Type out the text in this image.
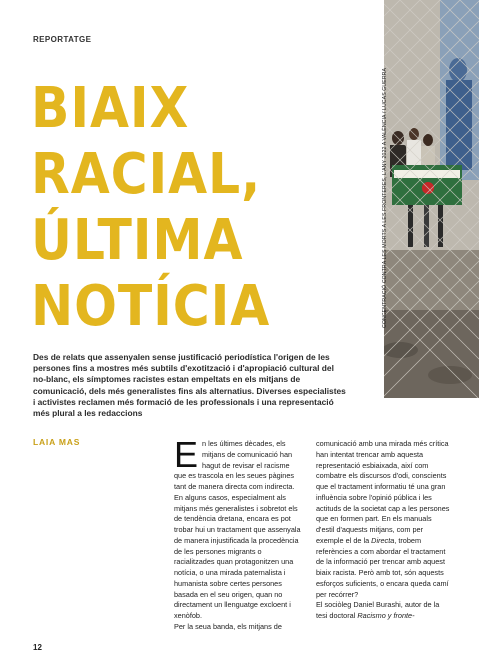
REPORTATGE
BIAIX
RACIAL,
ÚLTIMA
NOTÍCIA	CONCENTRACIÓ CONTRA LES MORTS A LES FRONTERES, L'ANY 2022 A VALÈNCIA / LUCAS GUERRA

Des de relats que assenyalen sense justificació periodística l'origen de les persones fins a mostres més subtils d'exotització i d'apropiació cultural del no-blanc, els símptomes racistes estan empeltats en els mitjans de comunicació, dels més generalistes fins als alternatius. Diverses especialistes i activistes reclamen més formació de les professionals i una representació més plural a les redaccions

LAIA MAS	En les últimes dècades, els mitjans de comunicació han hagut de revisar el racisme que es trascola en les seues pàgines tant de manera directa com indirecta. En alguns casos, especialment als mitjans més generalistes i sobretot els de tendència dretana, encara es pot trobar hui un tractament que assenyala de manera injustificada la procedència de les persones migrants o racialitzades quan protagonitzen una notícia, o una mirada paternalista i humanista sobre certes persones basada en el seu origen, quan no directament un llenguatge excloent i xenòfob.

Per la seua banda, els mitjans de

comunicació amb una mirada més crítica han intentat trencar amb aquesta representació esbiaixada, així com combatre els discursos d'odi, conscients que el tractament informatiu té una gran influència sobre l'opinió pública i les actituds de la societat cap a les persones que en formen part. En els manuals d'estil d'aquests mitjans, com per exemple el de la Directa, trobem referències a com abordar el tractament de la informació per trencar amb aquest biaix racista. Però amb tot, són aquests esforços suficients, o encara queda camí per recórrer?

El sociòleg Daniel Burashi, autor de la tesi doctoral Racismo y fronte-

12
